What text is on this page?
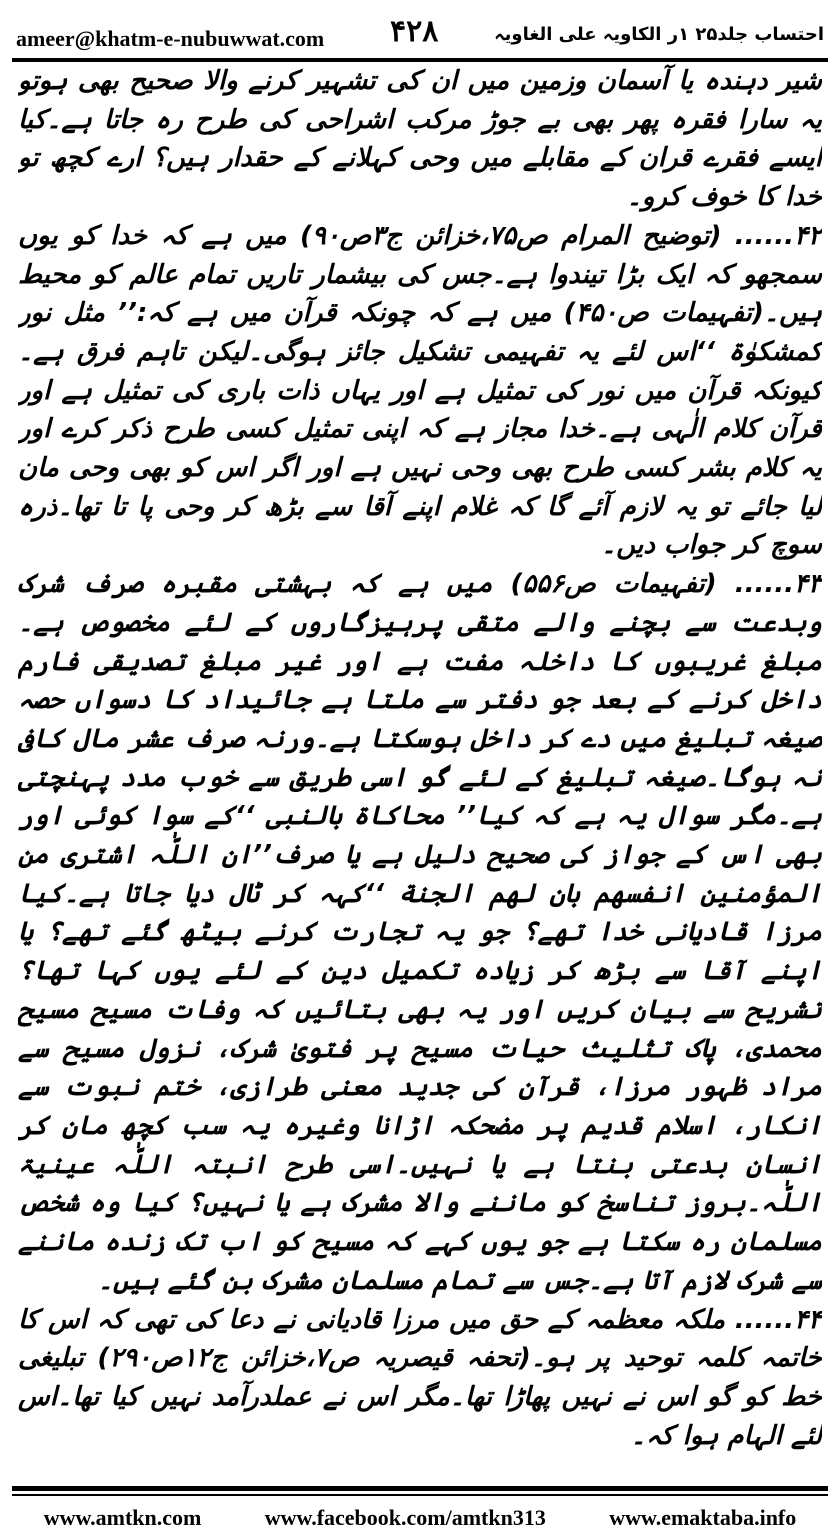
ameer@khatm-e-nubuwwat.com ۴۲۸	احتساب جلد۲۵ ۱ر الکاویہ علی الغاویہ

شیر دہندہ یا آسمان وزمین میں ان کی تشہیر کرنے والا صحیح بھی ہوتو یہ سارا فقرہ پھر بھی بے جوڑ مرکب اشراحی کی طرح رہ جاتا ہے۔کیا ایسے فقرے قران کے مقابلے میں وحی کہلانے کے حقدار ہیں؟ ارے کچھ تو خدا کا خوف کرو۔

۴۲...... (توضیح المرام ص۷۵،خزائن ج۳ص۹۰) میں ہے کہ خدا کو یوں سمجھو کہ ایک بڑا تیندوا ہے۔جس کی بیشمار تاریں تمام عالم کو محیط ہیں۔(تفہیمات ص۴۵۰) میں ہے کہ چونکہ قرآن میں ہے کہ:’’ مثل نور کمشکوٰۃ ‘‘اس لئے یہ تفہیمی تشکیل جائز ہوگی۔لیکن تاہم فرق ہے۔کیونکہ قرآن میں نور کی تمثیل ہے اور یہاں ذات باری کی تمثیل ہے اور قرآن کلام الٰہی ہے۔خدا مجاز ہے کہ اپنی تمثیل کسی طرح ذکر کرے اور یہ کلام بشر کسی طرح بھی وحی نہیں ہے اور اگر اس کو بھی وحی مان لیا جائے تو یہ لازم آئے گا کہ غلام اپنے آقا سے بڑھ کر وحی پا تا تھا۔ذرہ سوچ کر جواب دیں۔

۴۳...... (تفہیمات ص۵۵۶) میں ہے کہ بہشتی مقبرہ صرف شرک وبدعت سے بچنے والے متقی پرہیزگاروں کے لئے مخصوص ہے۔مبلغ غریبوں کا داخلہ مفت ہے اور غیر مبلغ تصدیقی فارم داخل کرنے کے بعد جو دفتر سے ملتا ہے جائیداد کا دسواں حصہ صیغہ تبلیغ میں دے کر داخل ہوسکتا ہے۔ورنہ صرف عشر مال کافی نہ ہوگا۔صیغہ تبلیغ کے لئے گو اسی طریق سے خوب مدد پہنچتی ہے۔مگر سوال یہ ہے کہ کیا’’ محاکاۃ بالنبی ‘‘کے سوا کوئی اور بھی اس کے جواز کی صحیح دلیل ہے یا صرف’’ان اللّٰہ اشتری من المؤمنین انفسهم بان لهم الجنة ‘‘کہہ کر ٹال دیا جاتا ہے۔کیا مرزا قادیانی خدا تھے؟ جو یہ تجارت کرنے بیٹھ گئے تھے؟ یا اپنے آقا سے بڑھ کر زیادہ تکمیل دین کے لئے یوں کہا تھا؟ تشریح سے بیان کریں اور یہ بھی بتائیں کہ وفات مسیح مسیح محمدی، پاک تثلیث حیات مسیح پر فتویٰ شرک، نزول مسیح سے مراد ظہور مرزا، قرآن کی جدید معنی طرازی، ختم نبوت سے انکار، اسلام قدیم پر مضحکہ اڑانا وغیرہ یہ سب کچھ مان کر انسان بدعتی بنتا ہے یا نہیں۔اسی طرح انبتہ اللّٰہ عینیۃ اللّٰہ۔بروز تناسخ کو ماننے والا مشرک ہے یا نہیں؟ کیا وہ شخص مسلمان رہ سکتا ہے جو یوں کہے کہ مسیح کو اب تک زندہ ماننے سے شرک لازم آتا ہے۔جس سے تمام مسلمان مشرک بن گئے ہیں۔

۴۴...... ملکہ معظمہ کے حق میں مرزا قادیانی نے دعا کی تھی کہ اس کا خاتمہ کلمہ توحید پر ہو۔(تحفہ قیصریہ ص۷،خزائن ج۱۲ص۲۹۰) تبلیغی خط کو گو اس نے نہیں پھاڑا تھا۔مگر اس نے عملدرآمد نہیں کیا تھا۔اس لئے الہام ہوا کہ۔

www.amtkn.com	www.facebook.com/amtkn313	www.emaktaba.info
